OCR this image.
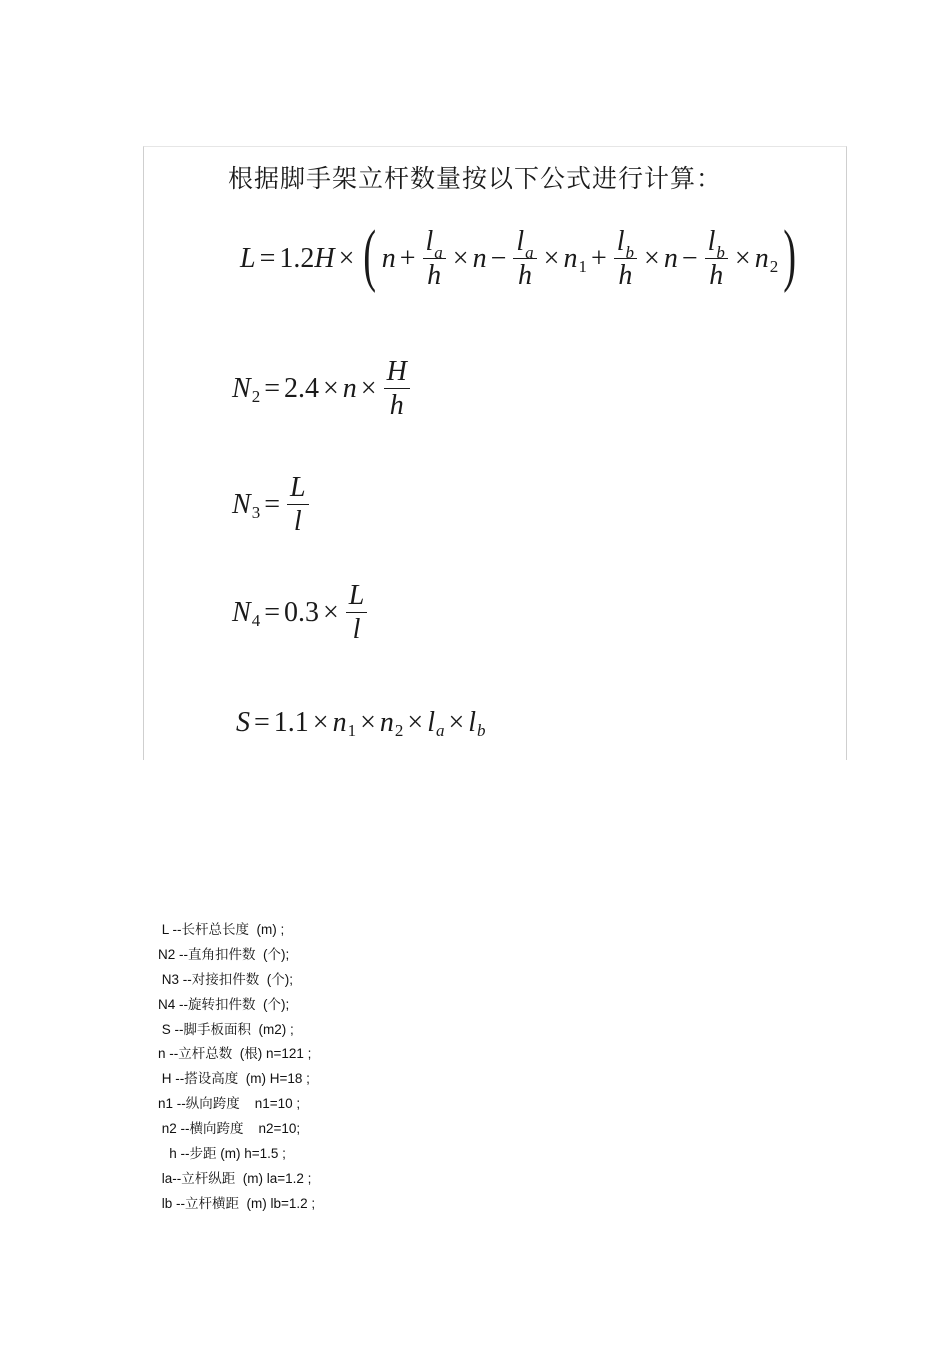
根据脚手架立杆数量按以下公式进行计算：
L = 1.2 H × ( $n + \frac{l_a}{h} \times n - \frac{l_a}{h} \times n$ $1 + \frac{l_b}{h} \times n - \frac{l_b}{h} \times n$ 2 )
N $2 = 2.4 \times n \times \frac{H}{h}$
N $3 = \frac{L}{l}$
N $4 = 0.3 \times \frac{L}{l}$
S = 1.1 × n 1 × n 2 × l a × l b
L --长杆总长度  (m) ;
N2 --直角扣件数  (个);
N3 --对接扣件数  (个);
N4 --旋转扣件数  (个);
S --脚手板面积  (m2) ;
n --立杆总数  (根) n=121 ;
H --搭设高度  (m) H=18 ;
n1 --纵向跨度    n1=10 ;
n2 --横向跨度    n2=10;
h --步距 (m) h=1.5 ;
la--立杆纵距  (m) la=1.2 ;
lb --立杆横距  (m) lb=1.2 ;
